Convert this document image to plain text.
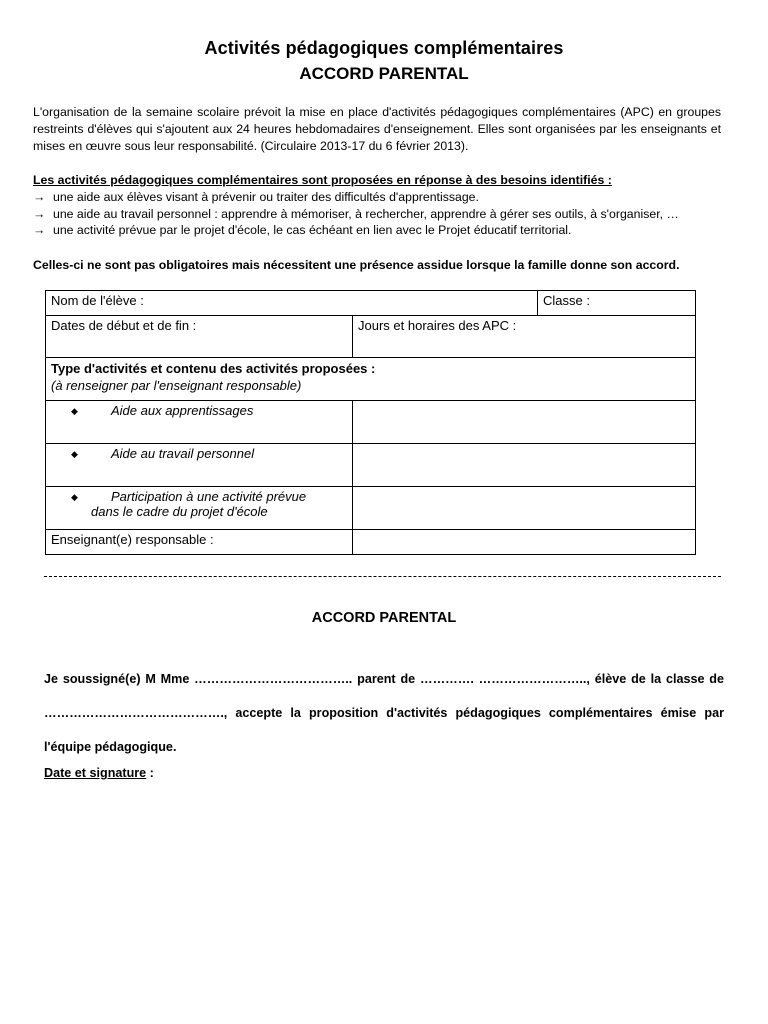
Activités pédagogiques complémentaires
ACCORD PARENTAL
L'organisation de la semaine scolaire prévoit la mise en place d'activités pédagogiques complémentaires (APC) en groupes restreints d'élèves qui s'ajoutent aux 24 heures hebdomadaires d'enseignement. Elles sont organisées par les enseignants et mises en œuvre sous leur responsabilité. (Circulaire 2013-17 du 6 février 2013).
Les activités pédagogiques complémentaires sont proposées en réponse à des besoins identifiés :
→ une aide aux élèves visant à prévenir ou traiter des difficultés d'apprentissage.
→ une aide au travail personnel : apprendre à mémoriser, à rechercher, apprendre à gérer ses outils, à s'organiser, …
→ une activité prévue par le projet d'école, le cas échéant en lien avec le Projet éducatif territorial.
Celles-ci ne sont pas obligatoires mais nécessitent une présence assidue lorsque la famille donne son accord.
Nom de l'élève :		Classe :
Dates de début et de fin :	Jours et horaires des APC :	

Type d'activités et contenu des activités proposées :
(à renseigner par l'enseignant responsable)		

◆ Aide aux apprentissages		
◆ Aide au travail personnel		
◆ Participation à une activité prévue
dans le cadre du projet d'école		
Enseignant(e) responsable :		
ACCORD PARENTAL

Je soussigné(e) M Mme ……………………………….. parent de …………. …………………….., élève de la classe de

……………………………………., accepte la proposition d'activités pédagogiques complémentaires émise par

l'équipe pédagogique.

Date et signature :
